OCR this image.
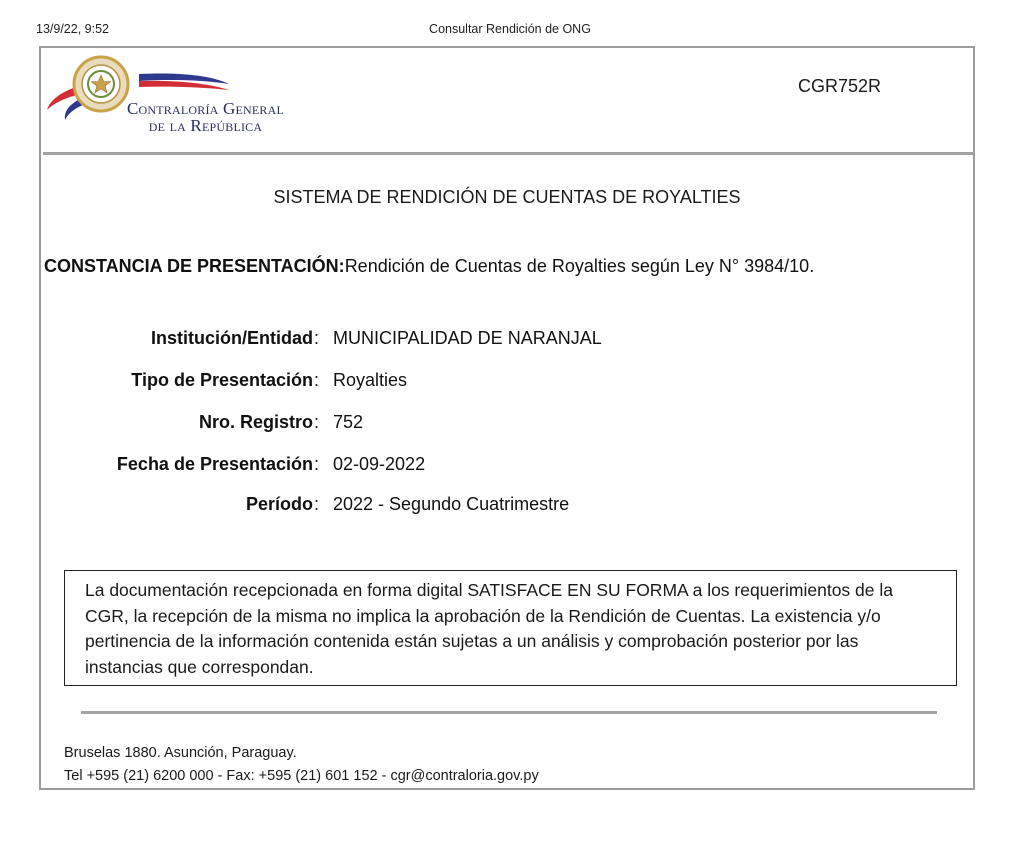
13/9/22, 9:52	Consultar Rendición de ONG
Contraloría General
de la República
CGR752R
SISTEMA DE RENDICIÓN DE CUENTAS DE ROYALTIES
CONSTANCIA DE PRESENTACIÓN:Rendición de Cuentas de Royalties según Ley N° 3984/10.
Institución/Entidad : MUNICIPALIDAD DE NARANJAL
Tipo de Presentación : Royalties
Nro. Registro : 752
Fecha de Presentación : 02-09-2022
Período : 2022 - Segundo Cuatrimestre
La documentación recepcionada en forma digital SATISFACE EN SU FORMA a los requerimientos de la CGR, la recepción de la misma no implica la aprobación de la Rendición de Cuentas. La existencia y/o pertinencia de la información contenida están sujetas a un análisis y comprobación posterior por las instancias que correspondan.
Bruselas 1880. Asunción, Paraguay.
Tel +595 (21) 6200 000 - Fax: +595 (21) 601 152 - cgr@contraloria.gov.py
